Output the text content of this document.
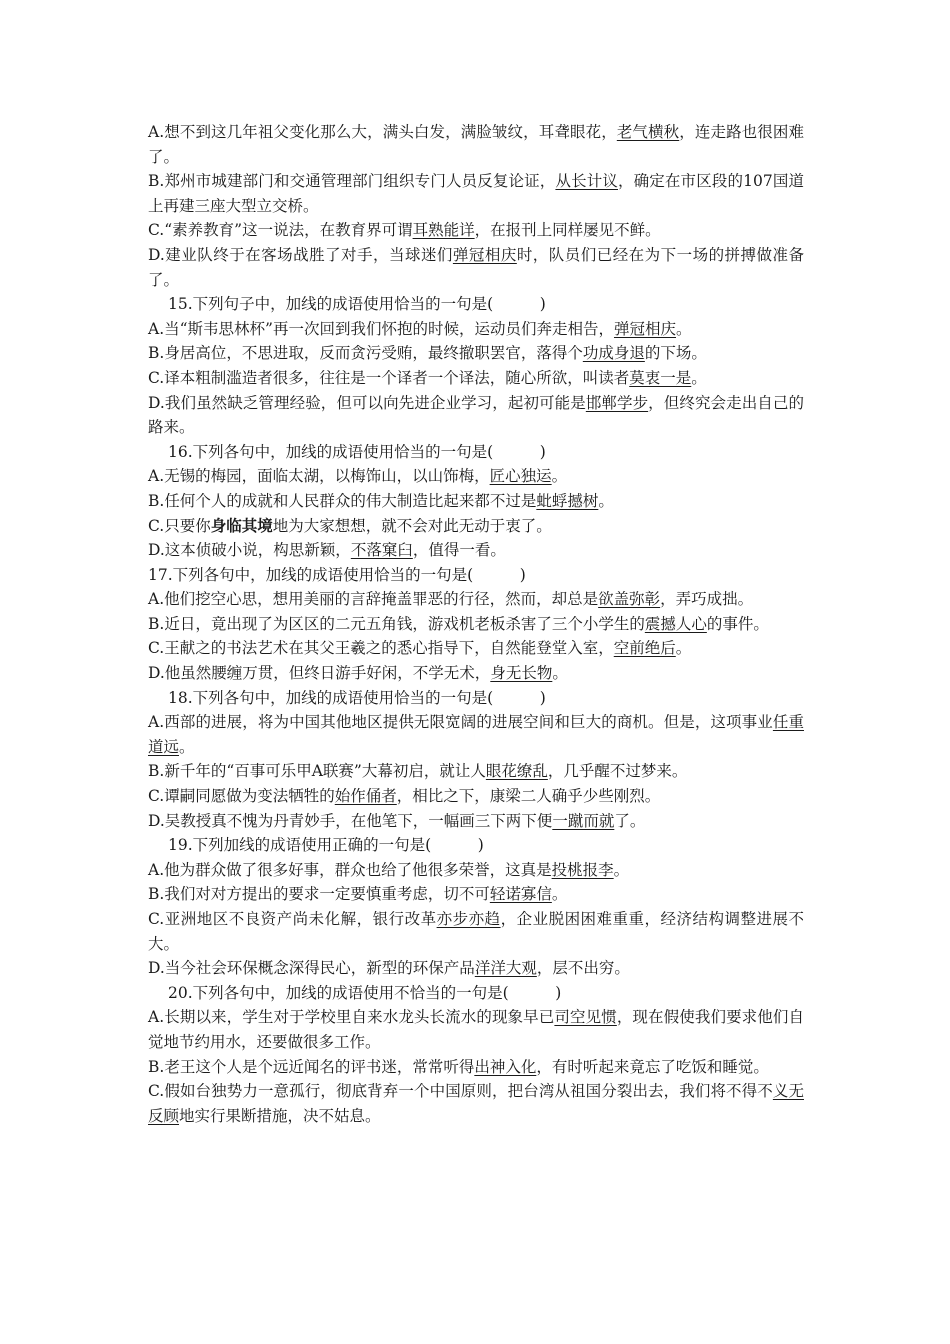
A.想不到这几年祖父变化那么大，满头白发，满脸皱纹，耳聋眼花，老气横秋，连走路也很困难了。

B.郑州市城建部门和交通管理部门组织专门人员反复论证，从长计议，确定在市区段的107国道上再建三座大型立交桥。

C.“素养教育”这一说法，在教育界可谓耳熟能详，在报刊上同样屡见不鲜。

D.建业队终于在客场战胜了对手，当球迷们弹冠相庆时，队员们已经在为下一场的拼搏做准备了。

15.下列句子中，加线的成语使用恰当的一句是(　　　)

A.当“斯韦思林杯”再一次回到我们怀抱的时候，运动员们奔走相告，弹冠相庆。

B.身居高位，不思进取，反而贪污受贿，最终撤职罢官，落得个功成身退的下场。

C.译本粗制滥造者很多，往往是一个译者一个译法，随心所欲，叫读者莫衷一是。

D.我们虽然缺乏管理经验，但可以向先进企业学习，起初可能是邯郸学步，但终究会走出自己的路来。

16.下列各句中，加线的成语使用恰当的一句是(　　　)

A.无锡的梅园，面临太湖，以梅饰山，以山饰梅，匠心独运。

B.任何个人的成就和人民群众的伟大制造比起来都不过是蚍蜉撼树。

C.只要你身临其境地为大家想想，就不会对此无动于衷了。

D.这本侦破小说，构思新颖，不落窠臼，值得一看。

17.下列各句中，加线的成语使用恰当的一句是(　　　)

A.他们挖空心思，想用美丽的言辞掩盖罪恶的行径，然而，却总是欲盖弥彰，弄巧成拙。

B.近日，竟出现了为区区的二元五角钱，游戏机老板杀害了三个小学生的震撼人心的事件。

C.王献之的书法艺术在其父王羲之的悉心指导下，自然能登堂入室，空前绝后。

D.他虽然腰缠万贯，但终日游手好闲，不学无术，身无长物。

18.下列各句中，加线的成语使用恰当的一句是(　　　)

A.西部的进展，将为中国其他地区提供无限宽阔的进展空间和巨大的商机。但是，这项事业任重道远。

B.新千年的“百事可乐甲A联赛”大幕初启，就让人眼花缭乱，几乎醒不过梦来。

C.谭嗣同愿做为变法牺牲的始作俑者，相比之下，康梁二人确乎少些刚烈。

D.吴教授真不愧为丹青妙手，在他笔下，一幅画三下两下便一蹴而就了。

19.下列加线的成语使用正确的一句是(　　　)

A.他为群众做了很多好事，群众也给了他很多荣誉，这真是投桃报李。

B.我们对对方提出的要求一定要慎重考虑，切不可轻诺寡信。

C.亚洲地区不良资产尚未化解，银行改革亦步亦趋，企业脱困困难重重，经济结构调整进展不大。

D.当今社会环保概念深得民心，新型的环保产品洋洋大观，层不出穷。

20.下列各句中，加线的成语使用不恰当的一句是(　　　)

A.长期以来，学生对于学校里自来水龙头长流水的现象早已司空见惯，现在假使我们要求他们自觉地节约用水，还要做很多工作。

B.老王这个人是个远近闻名的评书迷，常常听得出神入化，有时听起来竟忘了吃饭和睡觉。

C.假如台独势力一意孤行，彻底背弃一个中国原则，把台湾从祖国分裂出去，我们将不得不义无反顾地实行果断措施，决不姑息。
